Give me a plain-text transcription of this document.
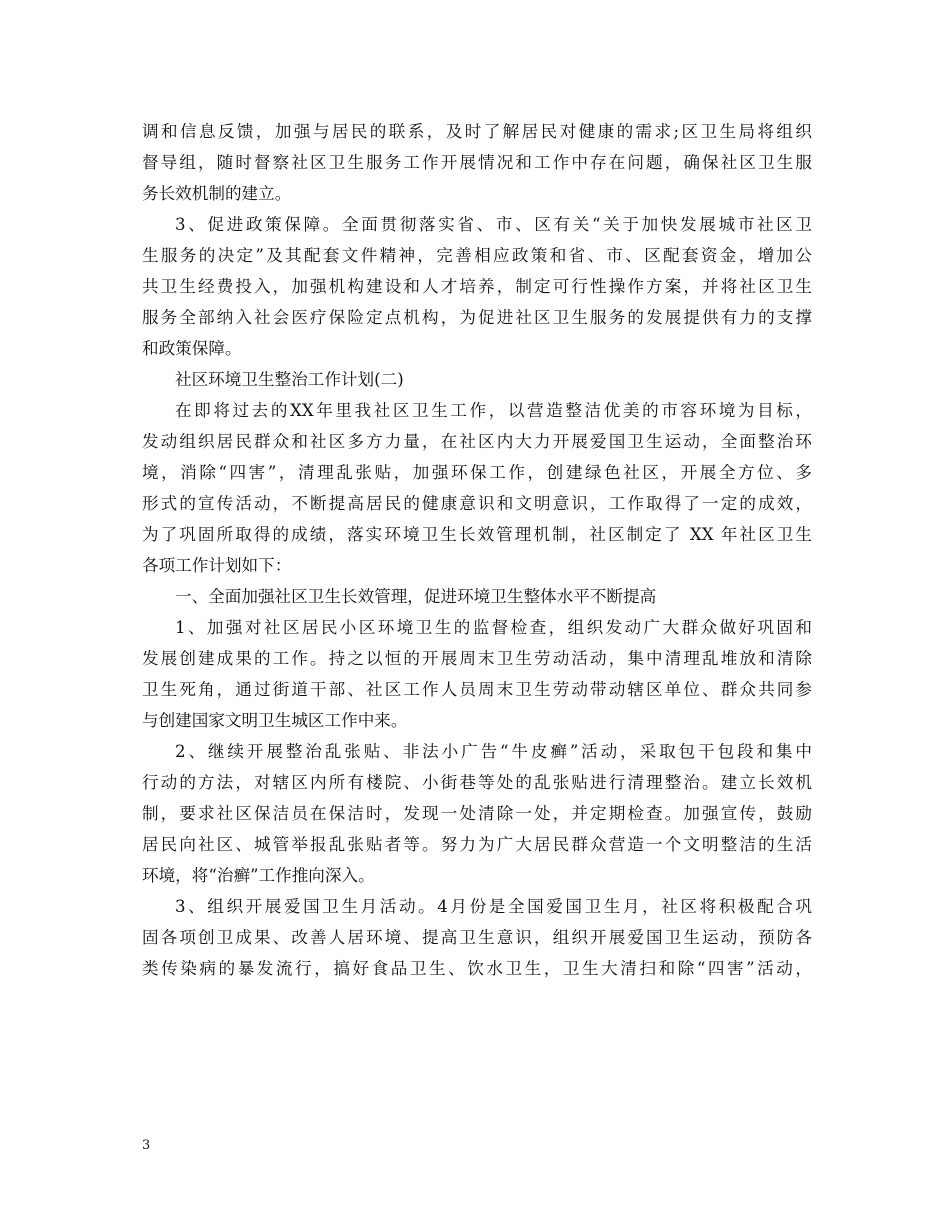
调和信息反馈，加强与居民的联系，及时了解居民对健康的需求;区卫生局将组织
督导组，随时督察社区卫生服务工作开展情况和工作中存在问题，确保社区卫生服
务长效机制的建立。
3、促进政策保障。全面贯彻落实省、市、区有关“关于加快发展城市社区卫
生服务的决定”及其配套文件精神，完善相应政策和省、市、区配套资金，增加公
共卫生经费投入，加强机构建设和人才培养，制定可行性操作方案，并将社区卫生
服务全部纳入社会医疗保险定点机构，为促进社区卫生服务的发展提供有力的支撑
和政策保障。
社区环境卫生整治工作计划(二)
在即将过去的XX年里我社区卫生工作，以营造整洁优美的市容环境为目标，
发动组织居民群众和社区多方力量，在社区内大力开展爱国卫生运动，全面整治环
境，消除“四害”，清理乱张贴，加强环保工作，创建绿色社区，开展全方位、多
形式的宣传活动，不断提高居民的健康意识和文明意识，工作取得了一定的成效，
为了巩固所取得的成绩，落实环境卫生长效管理机制，社区制定了 XX 年社区卫生
各项工作计划如下：
一、全面加强社区卫生长效管理，促进环境卫生整体水平不断提高
1、加强对社区居民小区环境卫生的监督检查，组织发动广大群众做好巩固和
发展创建成果的工作。持之以恒的开展周末卫生劳动活动，集中清理乱堆放和清除
卫生死角，通过街道干部、社区工作人员周末卫生劳动带动辖区单位、群众共同参
与创建国家文明卫生城区工作中来。
2、继续开展整治乱张贴、非法小广告“牛皮癣”活动，采取包干包段和集中
行动的方法，对辖区内所有楼院、小街巷等处的乱张贴进行清理整治。建立长效机
制，要求社区保洁员在保洁时，发现一处清除一处，并定期检查。加强宣传，鼓励
居民向社区、城管举报乱张贴者等。努力为广大居民群众营造一个文明整洁的生活
环境，将“治癣”工作推向深入。
3、组织开展爱国卫生月活动。4月份是全国爱国卫生月，社区将积极配合巩
固各项创卫成果、改善人居环境、提高卫生意识，组织开展爱国卫生运动，预防各
类传染病的暴发流行，搞好食品卫生、饮水卫生，卫生大清扫和除“四害”活动，
3
